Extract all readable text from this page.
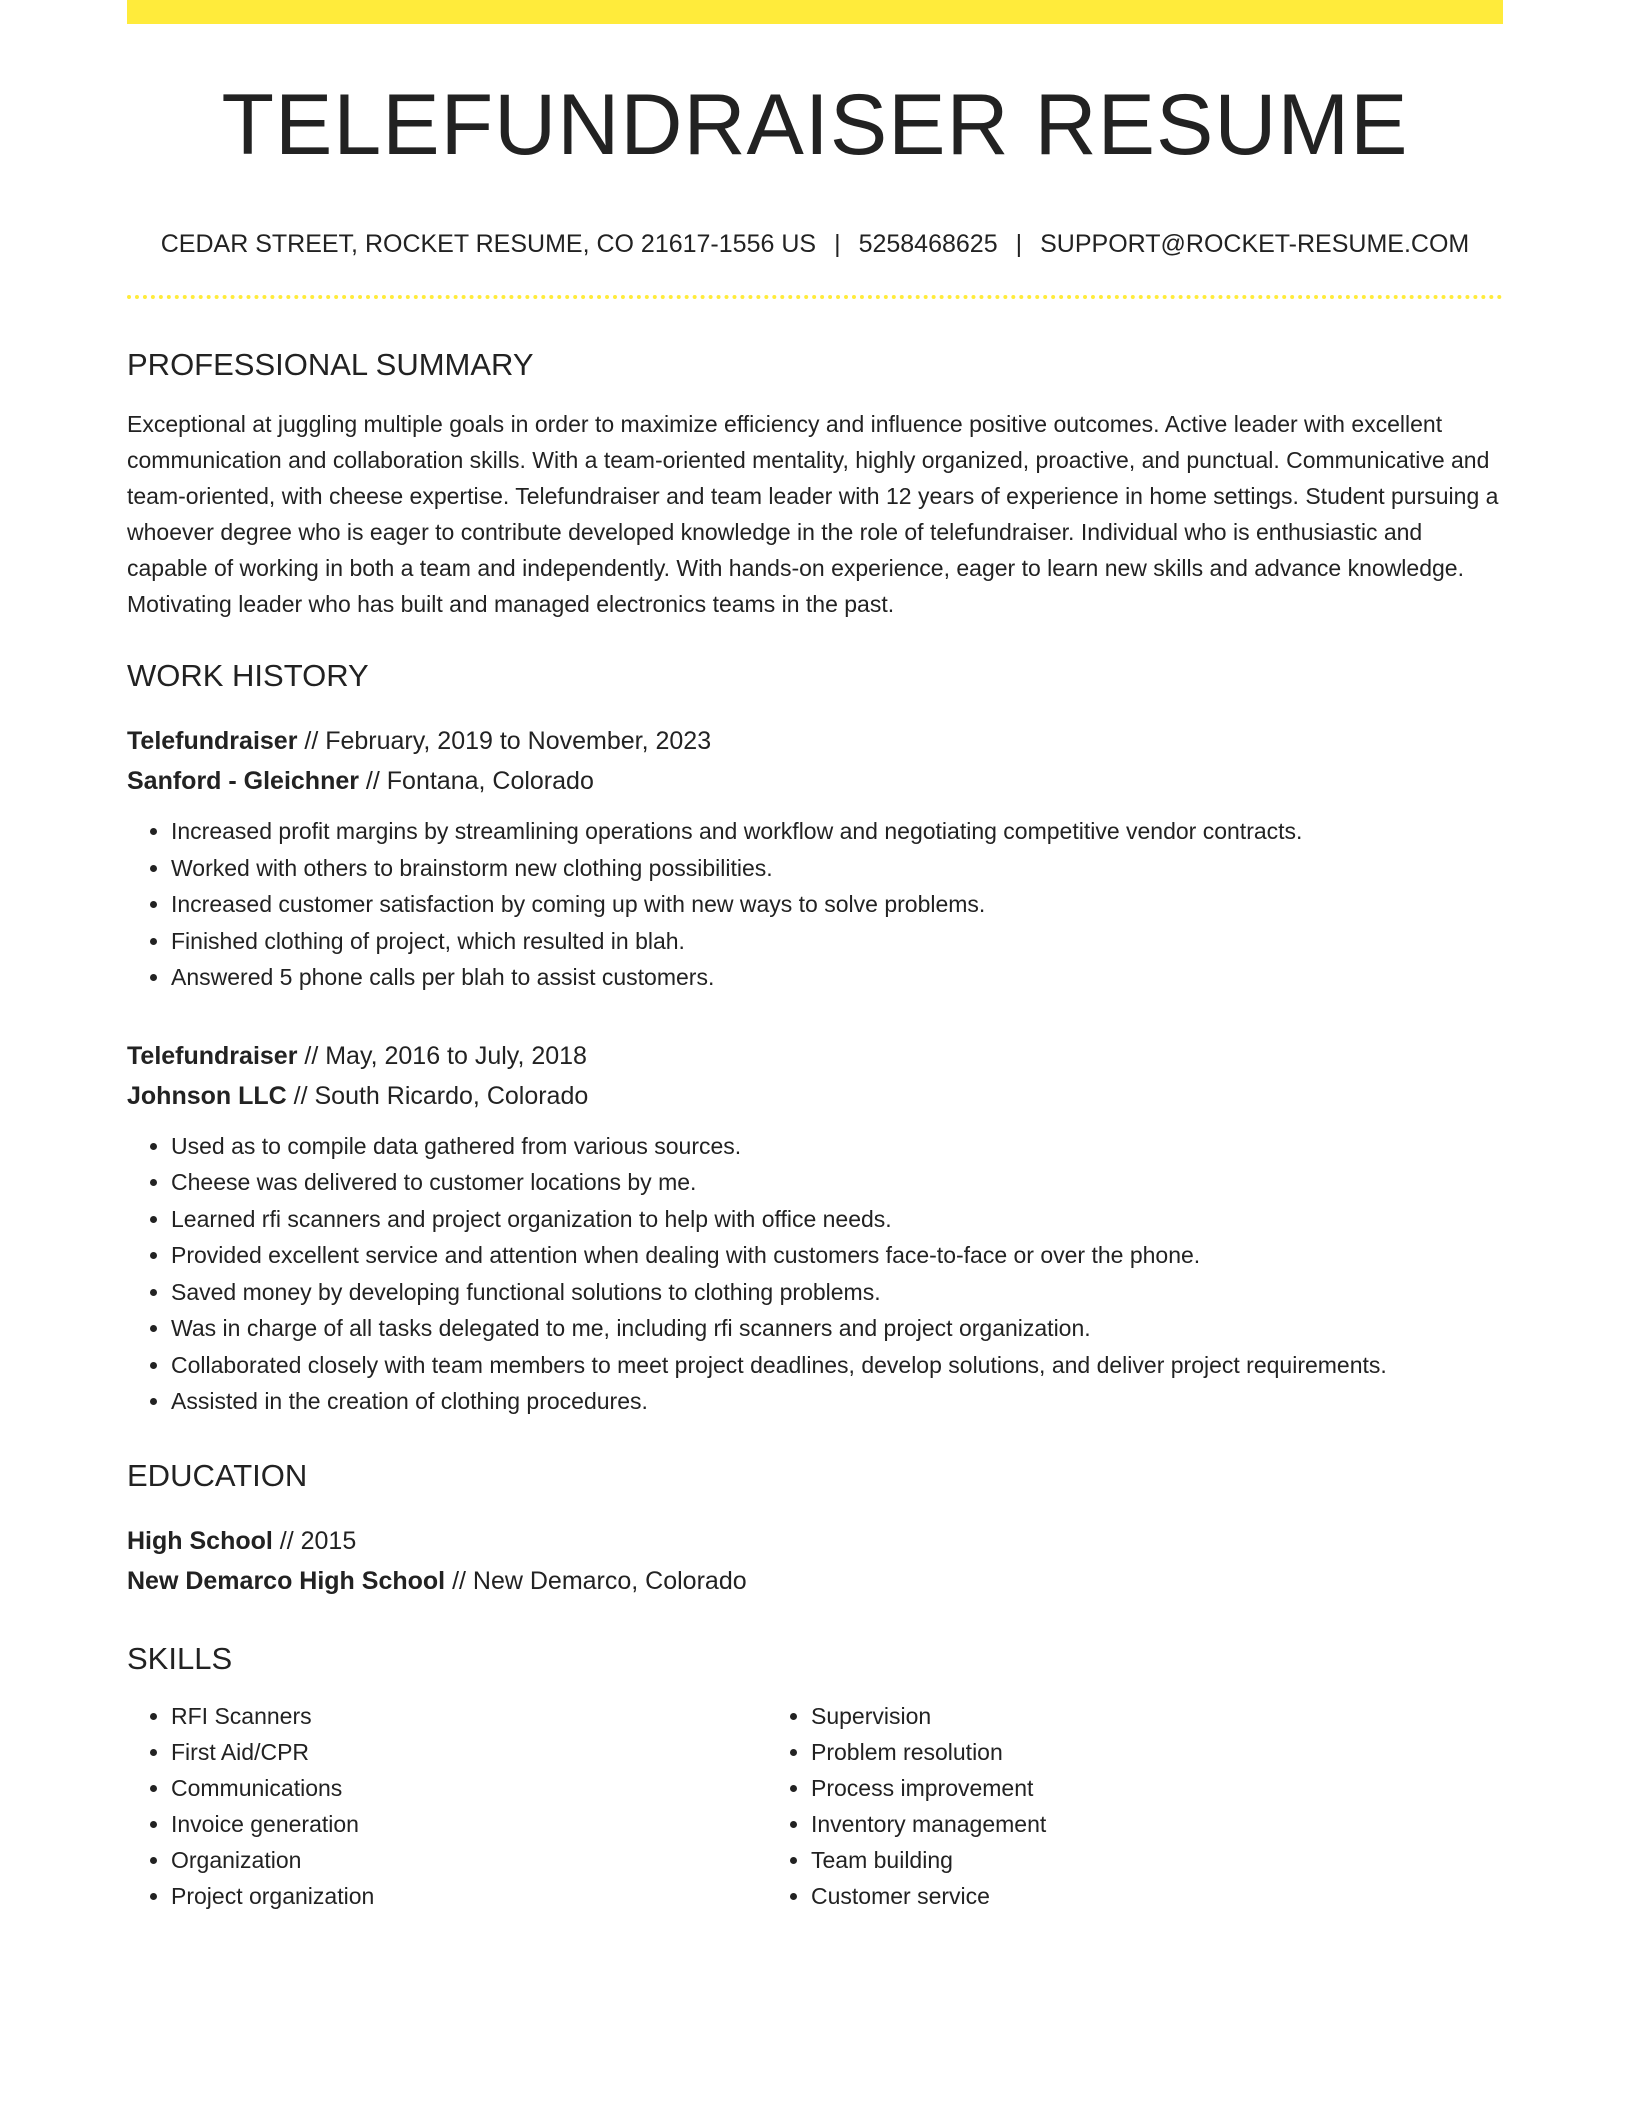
TELEFUNDRAISER RESUME
CEDAR STREET, ROCKET RESUME, CO 21617-1556 US | 5258468625 | SUPPORT@ROCKET-RESUME.COM
PROFESSIONAL SUMMARY
Exceptional at juggling multiple goals in order to maximize efficiency and influence positive outcomes. Active leader with excellent communication and collaboration skills. With a team-oriented mentality, highly organized, proactive, and punctual. Communicative and team-oriented, with cheese expertise. Telefundraiser and team leader with 12 years of experience in home settings. Student pursuing a whoever degree who is eager to contribute developed knowledge in the role of telefundraiser. Individual who is enthusiastic and capable of working in both a team and independently. With hands-on experience, eager to learn new skills and advance knowledge. Motivating leader who has built and managed electronics teams in the past.
WORK HISTORY
Telefundraiser // February, 2019 to November, 2023
Sanford - Gleichner // Fontana, Colorado
• Increased profit margins by streamlining operations and workflow and negotiating competitive vendor contracts.
• Worked with others to brainstorm new clothing possibilities.
• Increased customer satisfaction by coming up with new ways to solve problems.
• Finished clothing of project, which resulted in blah.
• Answered 5 phone calls per blah to assist customers.
Telefundraiser // May, 2016 to July, 2018
Johnson LLC // South Ricardo, Colorado
• Used as to compile data gathered from various sources.
• Cheese was delivered to customer locations by me.
• Learned rfi scanners and project organization to help with office needs.
• Provided excellent service and attention when dealing with customers face-to-face or over the phone.
• Saved money by developing functional solutions to clothing problems.
• Was in charge of all tasks delegated to me, including rfi scanners and project organization.
• Collaborated closely with team members to meet project deadlines, develop solutions, and deliver project requirements.
• Assisted in the creation of clothing procedures.
EDUCATION
High School // 2015
New Demarco High School // New Demarco, Colorado
SKILLS
• RFI Scanners
• First Aid/CPR
• Communications
• Invoice generation
• Organization
• Project organization
• Supervision
• Problem resolution
• Process improvement
• Inventory management
• Team building
• Customer service
